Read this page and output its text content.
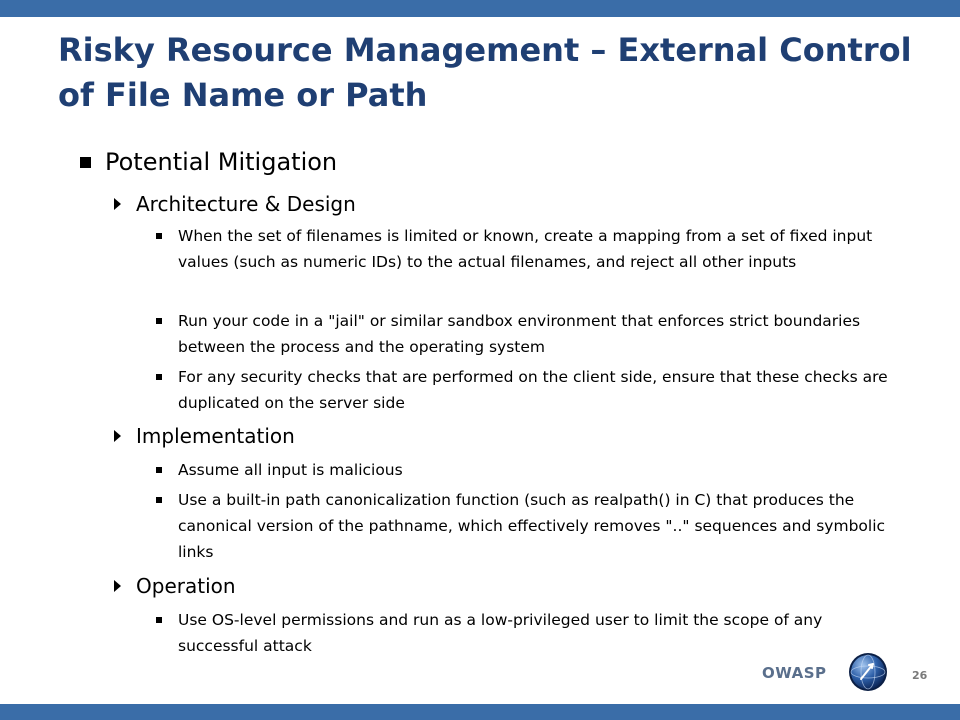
Risky Resource Management – External Control of File Name or Path
Potential Mitigation
Architecture & Design
When the set of filenames is limited or known, create a mapping from a set of fixed input values (such as numeric IDs) to the actual filenames, and reject all other inputs
Run your code in a "jail" or similar sandbox environment that enforces strict boundaries between the process and the operating system
For any security checks that are performed on the client side, ensure that these checks are duplicated on the server side
Implementation
Assume all input is malicious
Use a built-in path canonicalization function (such as realpath() in C) that produces the canonical version of the pathname, which effectively removes ".." sequences and symbolic links
Operation
Use OS-level permissions and run as a low-privileged user to limit the scope of any successful attack
OWASP	26
